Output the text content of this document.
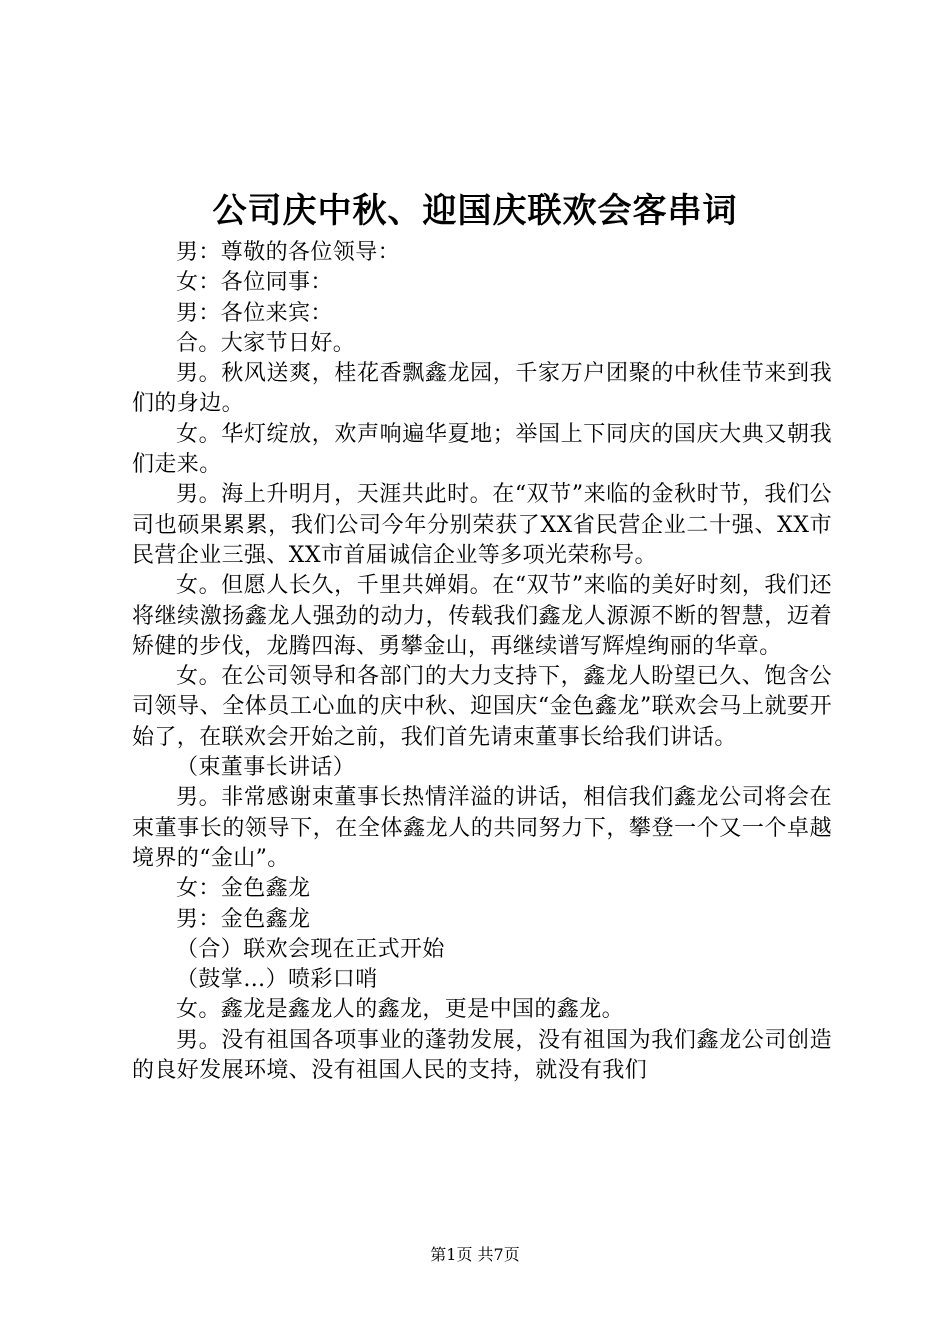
公司庆中秋、迎国庆联欢会客串词

男：尊敬的各位领导：

女：各位同事：

男：各位来宾：

合。大家节日好。

男。秋风送爽，桂花香飘鑫龙园，千家万户团聚的中秋佳节来到我们的身边。

女。华灯绽放，欢声响遍华夏地；举国上下同庆的国庆大典又朝我们走来。

男。海上升明月，天涯共此时。在“双节”来临的金秋时节，我们公司也硕果累累，我们公司今年分别荣获了XX省民营企业二十强、XX市民营企业三强、XX市首届诚信企业等多项光荣称号。

女。但愿人长久，千里共婵娟。在“双节”来临的美好时刻，我们还将继续激扬鑫龙人强劲的动力，传载我们鑫龙人源源不断的智慧，迈着矫健的步伐，龙腾四海、勇攀金山，再继续谱写辉煌绚丽的华章。

女。在公司领导和各部门的大力支持下，鑫龙人盼望已久、饱含公司领导、全体员工心血的庆中秋、迎国庆“金色鑫龙”联欢会马上就要开始了，在联欢会开始之前，我们首先请束董事长给我们讲话。

（束董事长讲话）

男。非常感谢束董事长热情洋溢的讲话，相信我们鑫龙公司将会在束董事长的领导下，在全体鑫龙人的共同努力下，攀登一个又一个卓越境界的“金山”。

女：金色鑫龙

男：金色鑫龙

（合）联欢会现在正式开始

（鼓掌…）喷彩口哨

女。鑫龙是鑫龙人的鑫龙，更是中国的鑫龙。

男。没有祖国各项事业的蓬勃发展，没有祖国为我们鑫龙公司创造的良好发展环境、没有祖国人民的支持，就没有我们

第1页 共7页
